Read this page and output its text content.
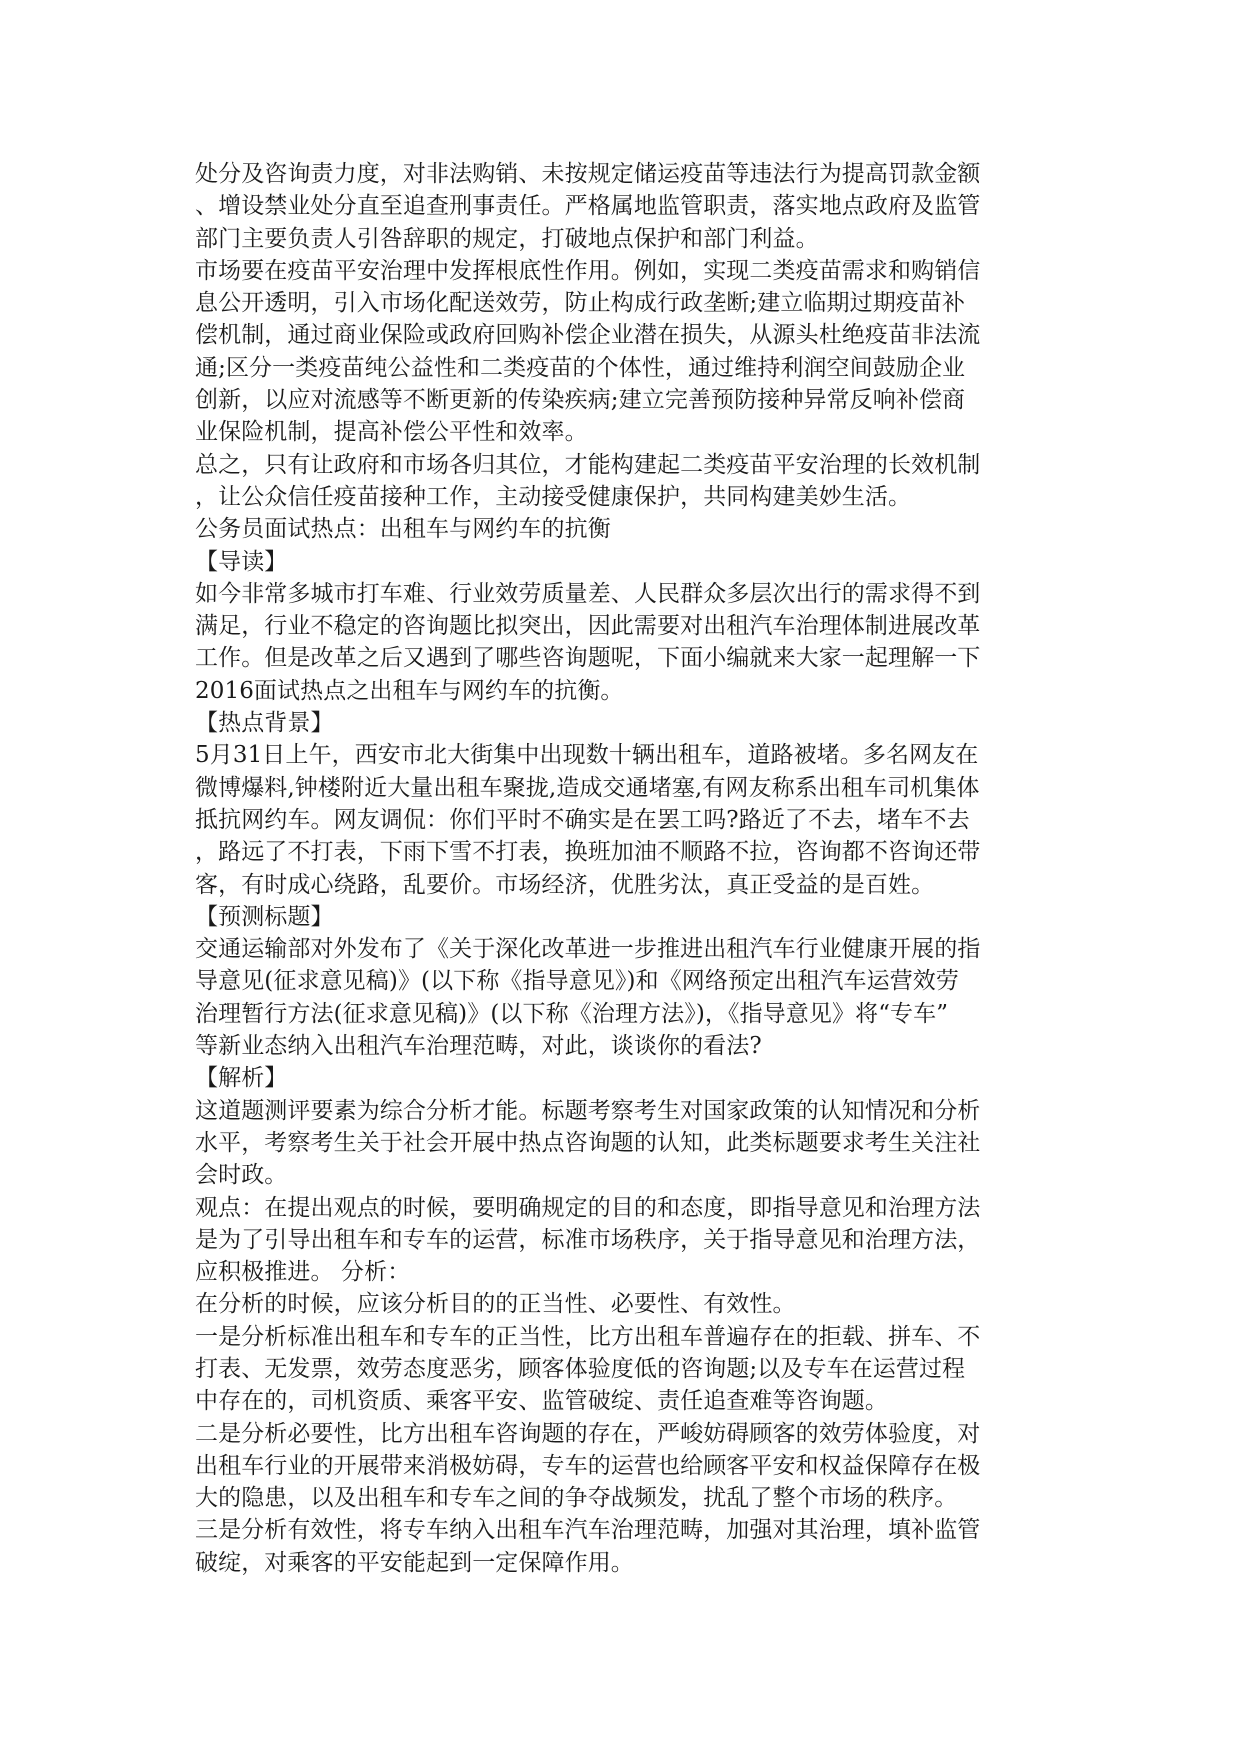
处分及咨询责力度，对非法购销、未按规定储运疫苗等违法行为提高罚款金额
、增设禁业处分直至追查刑事责任。严格属地监管职责，落实地点政府及监管
部门主要负责人引咎辞职的规定，打破地点保护和部门利益。
市场要在疫苗平安治理中发挥根底性作用。例如，实现二类疫苗需求和购销信
息公开透明，引入市场化配送效劳，防止构成行政垄断;建立临期过期疫苗补
偿机制，通过商业保险或政府回购补偿企业潜在损失，从源头杜绝疫苗非法流
通;区分一类疫苗纯公益性和二类疫苗的个体性，通过维持利润空间鼓励企业
创新，以应对流感等不断更新的传染疾病;建立完善预防接种异常反响补偿商
业保险机制，提高补偿公平性和效率。
总之，只有让政府和市场各归其位，才能构建起二类疫苗平安治理的长效机制
，让公众信任疫苗接种工作，主动接受健康保护，共同构建美妙生活。
公务员面试热点：出租车与网约车的抗衡
【导读】
如今非常多城市打车难、行业效劳质量差、人民群众多层次出行的需求得不到
满足，行业不稳定的咨询题比拟突出，因此需要对出租汽车治理体制进展改革
工作。但是改革之后又遇到了哪些咨询题呢，下面小编就来大家一起理解一下
2016面试热点之出租车与网约车的抗衡。
【热点背景】
5月31日上午，西安市北大街集中出现数十辆出租车，道路被堵。多名网友在
微博爆料,钟楼附近大量出租车聚拢,造成交通堵塞,有网友称系出租车司机集体
抵抗网约车。网友调侃：你们平时不确实是在罢工吗?路近了不去，堵车不去
，路远了不打表，下雨下雪不打表，换班加油不顺路不拉，咨询都不咨询还带
客，有时成心绕路，乱要价。市场经济，优胜劣汰，真正受益的是百姓。
【预测标题】
交通运输部对外发布了《关于深化改革进一步推进出租汽车行业健康开展的指
导意见(征求意见稿)》(以下称《指导意见》)和《网络预定出租汽车运营效劳
治理暂行方法(征求意见稿)》(以下称《治理方法》)，《指导意见》将“专车”
等新业态纳入出租汽车治理范畴，对此，谈谈你的看法?
【解析】
这道题测评要素为综合分析才能。标题考察考生对国家政策的认知情况和分析
水平，考察考生关于社会开展中热点咨询题的认知，此类标题要求考生关注社
会时政。
观点：在提出观点的时候，要明确规定的目的和态度，即指导意见和治理方法
是为了引导出租车和专车的运营，标准市场秩序，关于指导意见和治理方法，
应积极推进。 分析：
在分析的时候，应该分析目的的正当性、必要性、有效性。
一是分析标准出租车和专车的正当性，比方出租车普遍存在的拒载、拼车、不
打表、无发票，效劳态度恶劣，顾客体验度低的咨询题;以及专车在运营过程
中存在的，司机资质、乘客平安、监管破绽、责任追查难等咨询题。
二是分析必要性，比方出租车咨询题的存在，严峻妨碍顾客的效劳体验度，对
出租车行业的开展带来消极妨碍，专车的运营也给顾客平安和权益保障存在极
大的隐患，以及出租车和专车之间的争夺战频发，扰乱了整个市场的秩序。
三是分析有效性，将专车纳入出租车汽车治理范畴，加强对其治理，填补监管
破绽，对乘客的平安能起到一定保障作用。
